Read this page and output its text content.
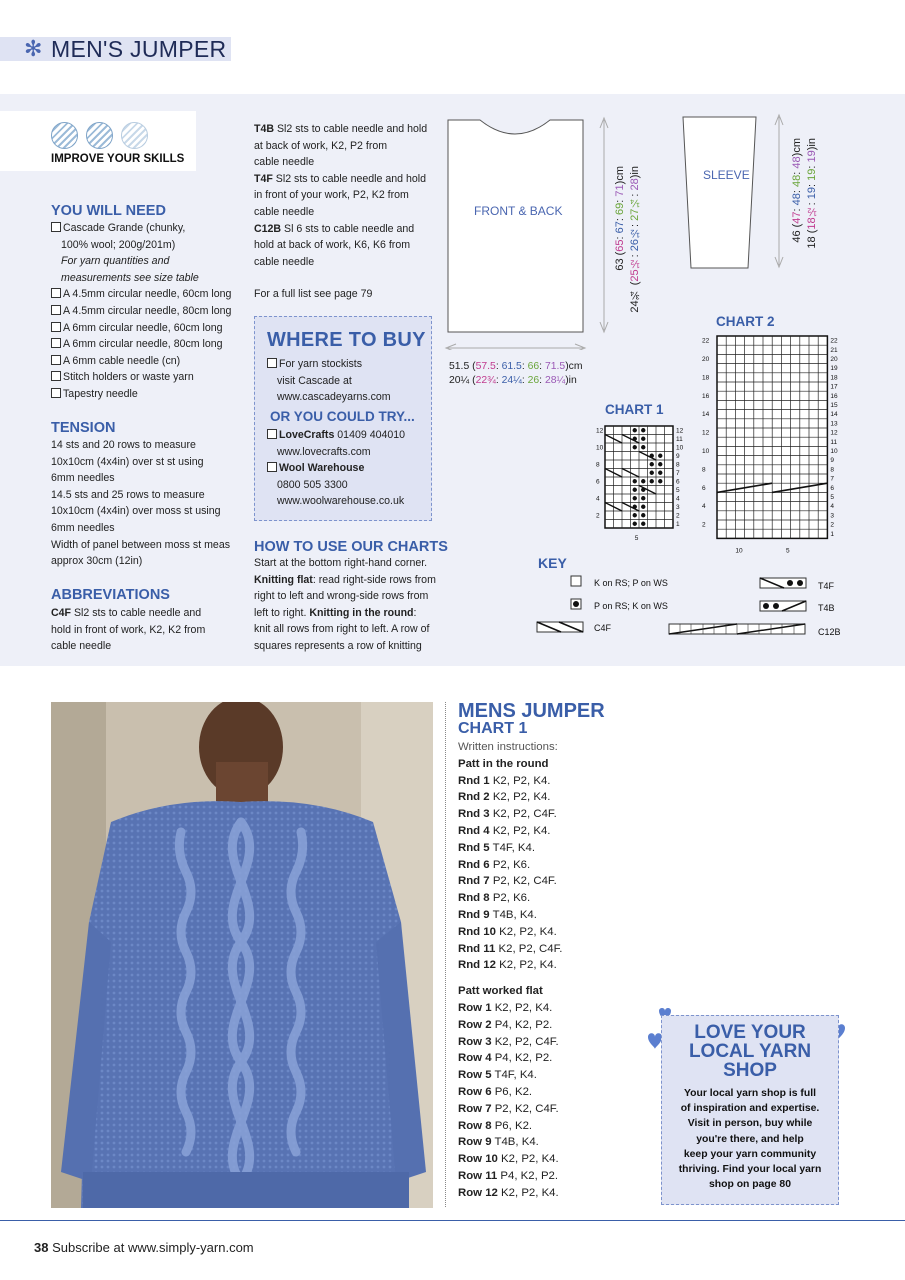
✻ MEN'S JUMPER
IMPROVE YOUR SKILLS
YOU WILL NEED
Cascade Grande (chunky,
100% wool; 200g/201m)
For yarn quantities and
measurements see size table
A 4.5mm circular needle, 60cm long
A 4.5mm circular needle, 80cm long
A 6mm circular needle, 60cm long
A 6mm circular needle, 80cm long
A 6mm cable needle (cn)
Stitch holders or waste yarn
Tapestry needle
TENSION
14 sts and 20 rows to measure
10x10cm (4x4in) over st st using
6mm needles
14.5 sts and 25 rows to measure
10x10cm (4x4in) over moss st using
6mm needles
Width of panel between moss st meas
approx 30cm (12in)
ABBREVIATIONS
C4F Sl2 sts to cable needle and
hold in front of work, K2, K2 from
cable needle
T4B Sl2 sts to cable needle and hold
at back of work, K2, P2 from
cable needle
T4F Sl2 sts to cable needle and hold
in front of your work, P2, K2 from
cable needle
C12B Sl 6 sts to cable needle and
hold at back of work, K6, K6 from
cable needle
For a full list see page 79
WHERE TO BUY
For yarn stockists
visit Cascade at
www.cascadeyarns.com
OR YOU COULD TRY...
LoveCrafts 01409 404010
www.lovecrafts.com
Wool Warehouse
0800 505 3300
www.woolwarehouse.co.uk
HOW TO USE OUR CHARTS
Start at the bottom right-hand corner.
Knitting flat: read right-side rows from
right to left and wrong-side rows from
left to right. Knitting in the round:
knit all rows from right to left. A row of
squares represents a row of knitting
FRONT & BACK
SLEEVE
51.5 (57.5: 61.5: 66: 71.5)cm
20¼ (22¾: 24¼: 26: 28¼)in
63 (65: 67: 69: 71)cm
24¾ (25½: 26½: 27¼: 28)in
46 (47: 48: 48: 48)cm
18 (18½: 19: 19: 19)in
CHART 1
CHART 2
1
2
2
3
4
4
5
6
6
7
8
8
9
10
10
11
12
12
5
1
2
2
3
4
4
5
6
6
7
8
8
9
10
10
11
12
12
13
14
14
15
16
16
17
18
18
19
20
20
21
22
22
10	5
KEY
K on RS; P on WS
P on RS; K on WS
C4F
T4F
T4B
C12B
MENS JUMPER
CHART 1
Written instructions:
Patt in the round
Rnd 1 K2, P2, K4.
Rnd 2 K2, P2, K4.
Rnd 3 K2, P2, C4F.
Rnd 4 K2, P2, K4.
Rnd 5 T4F, K4.
Rnd 6 P2, K6.
Rnd 7 P2, K2, C4F.
Rnd 8 P2, K6.
Rnd 9 T4B, K4.
Rnd 10 K2, P2, K4.
Rnd 11 K2, P2, C4F.
Rnd 12 K2, P2, K4.
Patt worked flat
Row 1 K2, P2, K4.
Row 2 P4, K2, P2.
Row 3 K2, P2, C4F.
Row 4 P4, K2, P2.
Row 5 T4F, K4.
Row 6 P6, K2.
Row 7 P2, K2, C4F.
Row 8 P6, K2.
Row 9 T4B, K4.
Row 10 K2, P2, K4.
Row 11 P4, K2, P2.
Row 12 K2, P2, K4.
LOVE YOUR
LOCAL YARN
SHOP
Your local yarn shop is full
of inspiration and expertise.
Visit in person, buy while
you're there, and help
keep your yarn community
thriving. Find your local yarn
shop on page 80
38 Subscribe at www.simply-yarn.com
